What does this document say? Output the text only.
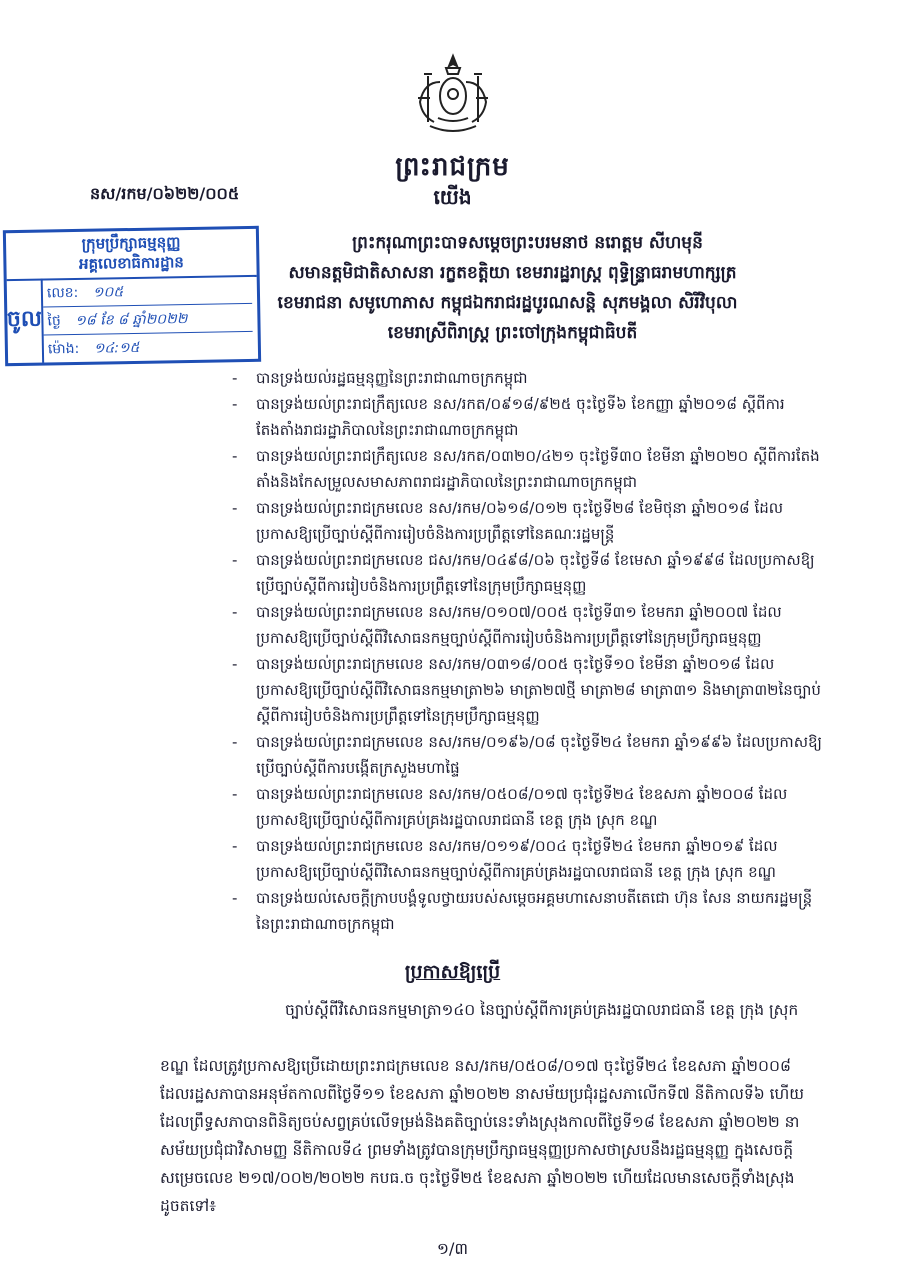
ព្រះរាជក្រម
នស/រកម/០៦២២/០០៥	យើង
ព្រះករុណាព្រះបាទសម្ដេចព្រះបរមនាថ នរោត្តម សីហមុនី
សមានត្តមិជាតិសាសនា រក្ខតខត្តិយា ខេមរារដ្ឋរាស្ត្រ ពុទ្ធិន្ទ្រាធរាមហាក្សត្រ
ខេមរាជនា សមូហោភាស កម្ពុជឯករាជរដ្ឋបូរណសន្តិ សុភមង្គលា សិរីវិបុលា
ខេមរាស្រីពិរាស្ត្រ ព្រះចៅក្រុងកម្ពុជាធិបតី
ក្រុមប្រឹក្សាធម្មនុញ្ញ
អគ្គលេខាធិការដ្ឋាន
ចូល
លេខ: ១០៥
ថ្ងៃ ១៨ ខែ ៨ ឆ្នាំ២០២២
ម៉ោង: ១៤:១៥
- បានទ្រង់យល់រដ្ឋធម្មនុញ្ញនៃព្រះរាជាណាចក្រកម្ពុជា
- បានទ្រង់យល់ព្រះរាជក្រឹត្យលេខ នស/រកត/០៩១៨/៩២៥ ចុះថ្ងៃទី៦ ខែកញ្ញា ឆ្នាំ២០១៨ ស្ដីពីការតែងតាំងរាជរដ្ឋាភិបាលនៃព្រះរាជាណាចក្រកម្ពុជា
- បានទ្រង់យល់ព្រះរាជក្រឹត្យលេខ នស/រកត/០៣២០/៤២១ ចុះថ្ងៃទី៣០ ខែមីនា ឆ្នាំ២០២០ ស្ដីពីការតែងតាំងនិងកែសម្រួលសមាសភាពរាជរដ្ឋាភិបាលនៃព្រះរាជាណាចក្រកម្ពុជា
- បានទ្រង់យល់ព្រះរាជក្រមលេខ នស/រកម/០៦១៨/០១២ ចុះថ្ងៃទី២៨ ខែមិថុនា ឆ្នាំ២០១៨ ដែលប្រកាសឱ្យប្រើច្បាប់ស្ដីពីការរៀបចំនិងការប្រព្រឹត្តទៅនៃគណៈរដ្ឋមន្ត្រី
- បានទ្រង់យល់ព្រះរាជក្រមលេខ ជស/រកម/០៤៩៨/០៦ ចុះថ្ងៃទី៨ ខែមេសា ឆ្នាំ១៩៩៨ ដែលប្រកាសឱ្យប្រើច្បាប់ស្ដីពីការរៀបចំនិងការប្រព្រឹត្តទៅនៃក្រុមប្រឹក្សាធម្មនុញ្ញ
- បានទ្រង់យល់ព្រះរាជក្រមលេខ នស/រកម/០១០៧/០០៥ ចុះថ្ងៃទី៣១ ខែមករា ឆ្នាំ២០០៧ ដែលប្រកាសឱ្យប្រើច្បាប់ស្ដីពីវិសោធនកម្មច្បាប់ស្ដីពីការរៀបចំនិងការប្រព្រឹត្តទៅនៃក្រុមប្រឹក្សាធម្មនុញ្ញ
- បានទ្រង់យល់ព្រះរាជក្រមលេខ នស/រកម/០៣១៨/០០៥ ចុះថ្ងៃទី១០ ខែមីនា ឆ្នាំ២០១៨ ដែលប្រកាសឱ្យប្រើច្បាប់ស្ដីពីវិសោធនកម្មមាត្រា២៦ មាត្រា២៧ថ្មី មាត្រា២៨ មាត្រា៣១ និងមាត្រា៣២នៃច្បាប់ស្ដីពីការរៀបចំនិងការប្រព្រឹត្តទៅនៃក្រុមប្រឹក្សាធម្មនុញ្ញ
- បានទ្រង់យល់ព្រះរាជក្រមលេខ នស/រកម/០១៩៦/០៨ ចុះថ្ងៃទី២៤ ខែមករា ឆ្នាំ១៩៩៦ ដែលប្រកាសឱ្យប្រើច្បាប់ស្ដីពីការបង្កើតក្រសួងមហាផ្ទៃ
- បានទ្រង់យល់ព្រះរាជក្រមលេខ នស/រកម/០៥០៨/០១៧ ចុះថ្ងៃទី២៤ ខែឧសភា ឆ្នាំ២០០៨ ដែលប្រកាសឱ្យប្រើច្បាប់ស្ដីពីការគ្រប់គ្រងរដ្ឋបាលរាជធានី ខេត្ត ក្រុង ស្រុក ខណ្ឌ
- បានទ្រង់យល់ព្រះរាជក្រមលេខ នស/រកម/០១១៩/០០៤ ចុះថ្ងៃទី២៤ ខែមករា ឆ្នាំ២០១៩ ដែលប្រកាសឱ្យប្រើច្បាប់ស្ដីពីវិសោធនកម្មច្បាប់ស្ដីពីការគ្រប់គ្រងរដ្ឋបាលរាជធានី ខេត្ត ក្រុង ស្រុក ខណ្ឌ
- បានទ្រង់យល់សេចក្ដីក្រាបបង្គំទូលថ្វាយរបស់សម្ដេចអគ្គមហាសេនាបតីតេជោ ហ៊ុន សែន នាយករដ្ឋមន្ត្រីនៃព្រះរាជាណាចក្រកម្ពុជា
ប្រកាសឱ្យប្រើ
ច្បាប់ស្ដីពីវិសោធនកម្មមាត្រា១៤០ នៃច្បាប់ស្ដីពីការគ្រប់គ្រងរដ្ឋបាលរាជធានី ខេត្ត ក្រុង ស្រុក
ខណ្ឌ ដែលត្រូវប្រកាសឱ្យប្រើដោយព្រះរាជក្រមលេខ នស/រកម/០៥០៨/០១៧ ចុះថ្ងៃទី២៤ ខែឧសភា ឆ្នាំ២០០៨ ដែលរដ្ឋសភាបានអនុម័តកាលពីថ្ងៃទី១១ ខែឧសភា ឆ្នាំ២០២២ នាសម័យប្រជុំរដ្ឋសភាលើកទី៧ នីតិកាលទី៦ ហើយដែលព្រឹទ្ធសភាបានពិនិត្យចប់សព្វគ្រប់លើទម្រង់និងគតិច្បាប់នេះទាំងស្រុងកាលពីថ្ងៃទី១៨ ខែឧសភា ឆ្នាំ២០២២ នាសម័យប្រជុំជាវិសាមញ្ញ នីតិកាលទី៤ ព្រមទាំងត្រូវបានក្រុមប្រឹក្សាធម្មនុញ្ញប្រកាសថាស្របនឹងរដ្ឋធម្មនុញ្ញ ក្នុងសេចក្ដីសម្រេចលេខ ២១៧/០០២/២០២២ កបធ.ច ចុះថ្ងៃទី២៥ ខែឧសភា ឆ្នាំ២០២២ ហើយដែលមានសេចក្ដីទាំងស្រុងដូចតទៅ៖
១/៣
